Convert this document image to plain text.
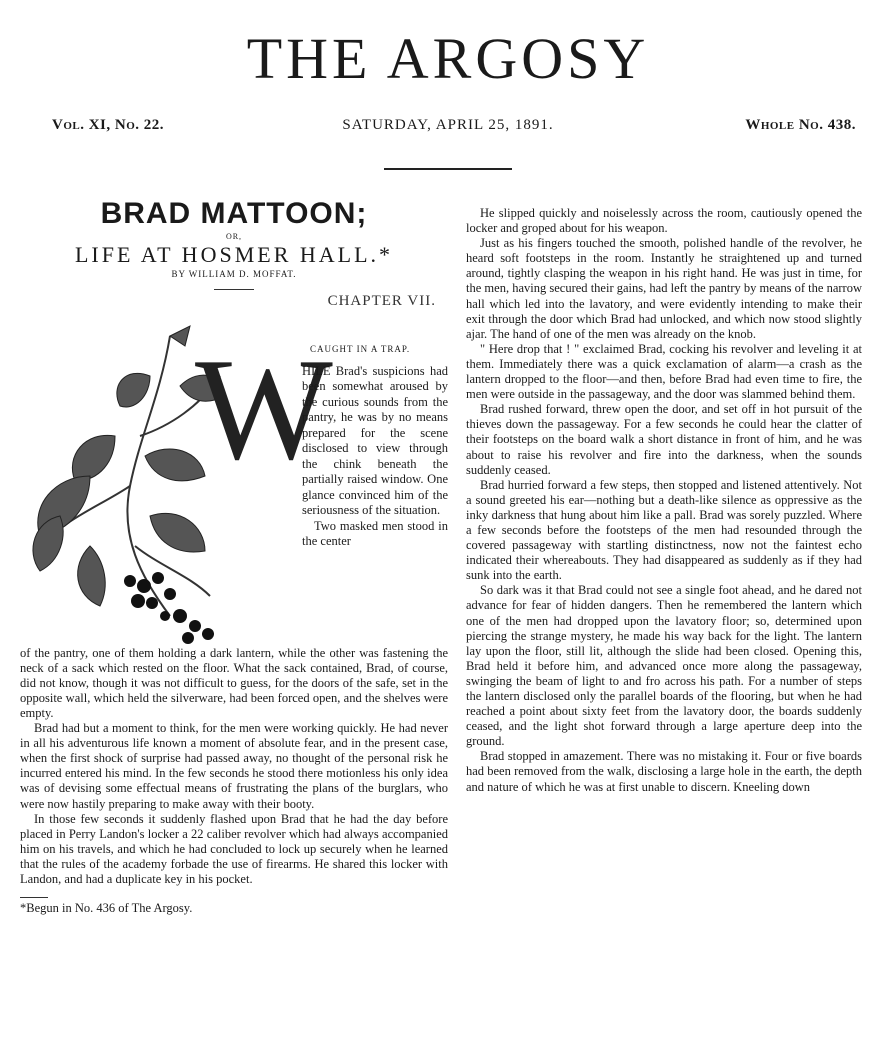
THE ARGOSY
Vol. XI, No. 22.	SATURDAY, APRIL 25, 1891.	Whole No. 438.
BRAD MATTOON;
OR,
LIFE AT HOSMER HALL.*
BY WILLIAM D. MOFFAT.
CHAPTER VII.
W
CAUGHT IN A TRAP.

HILE Brad's suspicions had been somewhat aroused by the curious sounds from the pantry, he was by no means prepared for the scene disclosed to view through the chink beneath the partially raised window. One glance convinced him of the seriousness of the situation.

Two masked men stood in the center

of the pantry, one of them holding a dark lantern, while the other was fastening the neck of a sack which rested on the floor. What the sack contained, Brad, of course, did not know, though it was not difficult to guess, for the doors of the safe, set in the opposite wall, which held the silverware, had been forced open, and the shelves were empty.

Brad had but a moment to think, for the men were working quickly. He had never in all his adventurous life known a moment of absolute fear, and in the present case, when the first shock of surprise had passed away, no thought of the personal risk he incurred entered his mind. In the few seconds he stood there motionless his only idea was of devising some effectual means of frustrating the plans of the burglars, who were now hastily preparing to make away with their booty.

In those few seconds it suddenly flashed upon Brad that he had the day before placed in Perry Landon's locker a 22 caliber revolver which had always accompanied him on his travels, and which he had concluded to lock up securely when he learned that the rules of the academy forbade the use of firearms. He shared this locker with Landon, and had a duplicate key in his pocket.

*Begun in No. 436 of The Argosy.

He slipped quickly and noiselessly across the room, cautiously opened the locker and groped about for his weapon.

Just as his fingers touched the smooth, polished handle of the revolver, he heard soft footsteps in the room. Instantly he straightened up and turned around, tightly clasping the weapon in his right hand. He was just in time, for the men, having secured their gains, had left the pantry by means of the narrow hall which led into the lavatory, and were evidently intending to make their exit through the door which Brad had unlocked, and which now stood slightly ajar. The hand of one of the men was already on the knob.

" Here drop that ! " exclaimed Brad, cocking his revolver and leveling it at them. Immediately there was a quick exclamation of alarm—a crash as the lantern dropped to the floor—and then, before Brad had even time to fire, the men were outside in the passageway, and the door was slammed behind them.

Brad rushed forward, threw open the door, and set off in hot pursuit of the thieves down the passageway. For a few seconds he could hear the clatter of their footsteps on the board walk a short distance in front of him, and he was about to raise his revolver and fire into the darkness, when the sounds suddenly ceased.

Brad hurried forward a few steps, then stopped and listened attentively. Not a sound greeted his ear—nothing but a death-like silence as oppressive as the inky darkness that hung about him like a pall. Brad was sorely puzzled. Where a few seconds before the footsteps of the men had resounded through the covered passageway with startling distinctness, now not the faintest echo indicated their whereabouts. They had disappeared as suddenly as if they had sunk into the earth.

So dark was it that Brad could not see a single foot ahead, and he dared not advance for fear of hidden dangers. Then he remembered the lantern which one of the men had dropped upon the lavatory floor; so, determined upon piercing the strange mystery, he made his way back for the light. The lantern lay upon the floor, still lit, although the slide had been closed. Opening this, Brad held it before him, and advanced once more along the passageway, swinging the beam of light to and fro across his path. For a number of steps the lantern disclosed only the parallel boards of the flooring, but when he had reached a point about sixty feet from the lavatory door, the boards suddenly ceased, and the light shot forward through a large aperture deep into the ground.

Brad stopped in amazement. There was no mistaking it. Four or five boards had been removed from the walk, disclosing a large hole in the earth, the depth and nature of which he was at first unable to discern. Kneeling down
